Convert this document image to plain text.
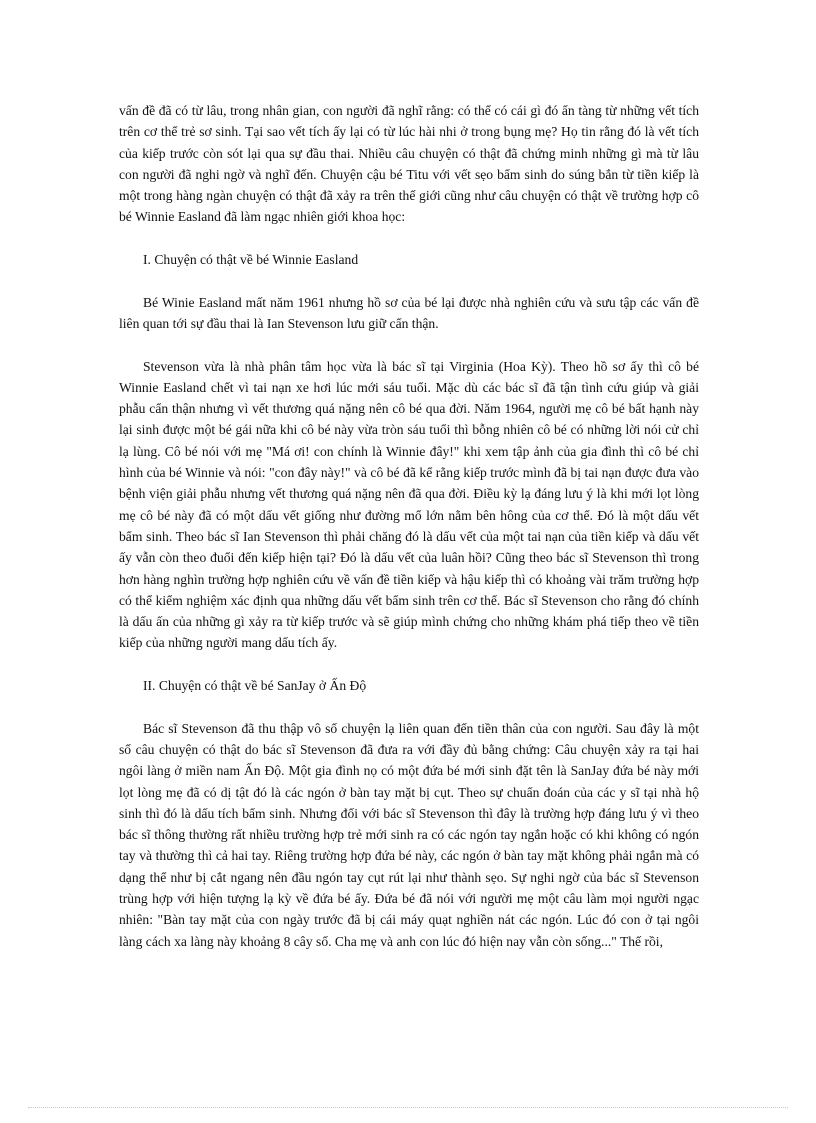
vấn đề đã có từ lâu, trong nhân gian, con người đã nghĩ rằng: có thể có cái gì đó ẩn tàng từ những vết tích trên cơ thể trẻ sơ sinh. Tại sao vết tích ấy lại có từ lúc hài nhi ở trong bụng mẹ? Họ tin rằng đó là vết tích của kiếp trước còn sót lại qua sự đầu thai. Nhiều câu chuyện có thật đã chứng minh những gì mà từ lâu con người đã nghi ngờ và nghĩ đến. Chuyện cậu bé Titu với vết sẹo bẩm sinh do súng bắn từ tiền kiếp là một trong hàng ngàn chuyện có thật đã xảy ra trên thế giới cũng như câu chuyện có thật về trường hợp cô bé Winnie Easland đã làm ngạc nhiên giới khoa học:

I. Chuyện có thật về bé Winnie Easland

Bé Winie Easland mất năm 1961 nhưng hồ sơ của bé lại được nhà nghiên cứu và sưu tập các vấn đề liên quan tới sự đầu thai là Ian Stevenson lưu giữ cẩn thận.

Stevenson vừa là nhà phân tâm học vừa là bác sĩ tại Virginia (Hoa Kỳ). Theo hồ sơ ấy thì cô bé Winnie Easland chết vì tai nạn xe hơi lúc mới sáu tuổi. Mặc dù các bác sĩ đã tận tình cứu giúp và giải phẫu cẩn thận nhưng vì vết thương quá nặng nên cô bé qua đời. Năm 1964, người mẹ cô bé bất hạnh này lại sinh được một bé gái nữa khi cô bé này vừa tròn sáu tuổi thì bỗng nhiên cô bé có những lời nói cử chỉ lạ lùng. Cô bé nói với mẹ "Má ơi! con chính là Winnie đây!" khi xem tập ảnh của gia đình thì cô bé chỉ hình của bé Winnie và nói: "con đây này!" và cô bé đã kể rằng kiếp trước mình đã bị tai nạn được đưa vào bệnh viện giải phẫu nhưng vết thương quá nặng nên đã qua đời. Điều kỳ lạ đáng lưu ý là khi mới lọt lòng mẹ cô bé này đã có một dấu vết giống như đường mổ lớn nằm bên hông của cơ thể. Đó là một dấu vết bẩm sinh. Theo bác sĩ Ian Stevenson thì phải chăng đó là dấu vết của một tai nạn của tiền kiếp và dấu vết ấy vẫn còn theo đuổi đến kiếp hiện tại? Đó là dấu vết của luân hồi? Cũng theo bác sĩ Stevenson thì trong hơn hàng nghìn trường hợp nghiên cứu về vấn đề tiền kiếp và hậu kiếp thì có khoảng vài trăm trường hợp có thể kiểm nghiệm xác định qua những dấu vết bẩm sinh trên cơ thể. Bác sĩ Stevenson cho rằng đó chính là dấu ấn của những gì xảy ra từ kiếp trước và sẽ giúp mình chứng cho những khám phá tiếp theo về tiền kiếp của những người mang dấu tích ấy.

II. Chuyện có thật về bé SanJay ở Ấn Độ

Bác sĩ Stevenson đã thu thập vô số chuyện lạ liên quan đến tiền thân của con người. Sau đây là một số câu chuyện có thật do bác sĩ Stevenson đã đưa ra với đầy đủ bằng chứng: Câu chuyện xảy ra tại hai ngôi làng ở miền nam Ấn Độ. Một gia đình nọ có một đứa bé mới sinh đặt tên là SanJay đứa bé này mới lọt lòng mẹ đã có dị tật đó là các ngón ở bàn tay mặt bị cụt. Theo sự chuẩn đoán của các y sĩ tại nhà hộ sinh thì đó là dấu tích bẩm sinh. Nhưng đối với bác sĩ Stevenson thì đây là trường hợp đáng lưu ý vì theo bác sĩ thông thường rất nhiều trường hợp trẻ mới sinh ra có các ngón tay ngắn hoặc có khi không có ngón tay và thường thì cả hai tay. Riêng trường hợp đứa bé này, các ngón ở bàn tay mặt không phải ngắn mà có dạng thể như bị cắt ngang nên đầu ngón tay cụt rút lại như thành sẹo. Sự nghi ngờ của bác sĩ Stevenson trùng hợp với hiện tượng lạ kỳ về đứa bé ấy. Đứa bé đã nói với người mẹ một câu làm mọi người ngạc nhiên: "Bàn tay mặt của con ngày trước đã bị cái máy quạt nghiền nát các ngón. Lúc đó con ở tại ngôi làng cách xa làng này khoảng 8 cây số. Cha mẹ và anh con lúc đó hiện nay vẫn còn sống..." Thế rồi,
